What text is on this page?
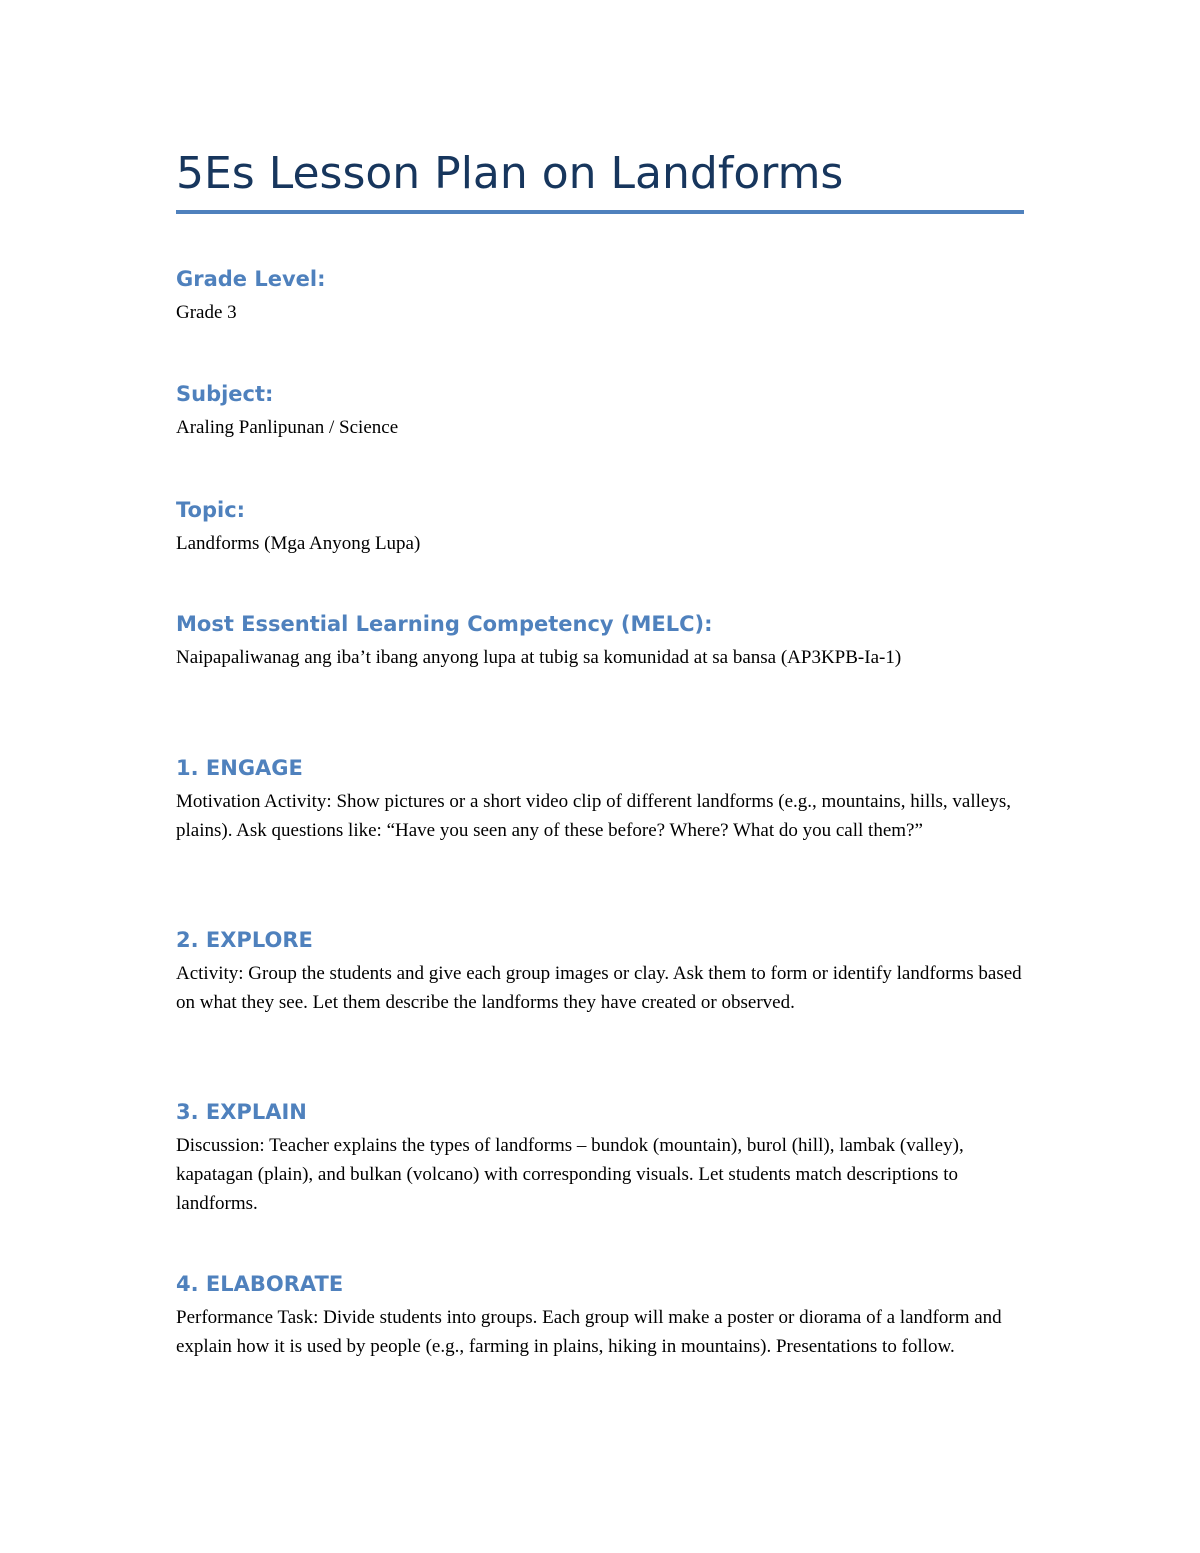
5Es Lesson Plan on Landforms
Grade Level:

Grade 3

Subject:

Araling Panlipunan / Science

Topic:

Landforms (Mga Anyong Lupa)

Most Essential Learning Competency (MELC):

Naipapaliwanag ang iba’t ibang anyong lupa at tubig sa komunidad at sa bansa (AP3KPB-Ia-1)

1. ENGAGE

Motivation Activity: Show pictures or a short video clip of different landforms (e.g., mountains, hills, valleys, plains). Ask questions like: “Have you seen any of these before? Where? What do you call them?”

2. EXPLORE

Activity: Group the students and give each group images or clay. Ask them to form or identify landforms based on what they see. Let them describe the landforms they have created or observed.

3. EXPLAIN

Discussion: Teacher explains the types of landforms – bundok (mountain), burol (hill), lambak (valley), kapatagan (plain), and bulkan (volcano) with corresponding visuals. Let students match descriptions to landforms.

4. ELABORATE

Performance Task: Divide students into groups. Each group will make a poster or diorama of a landform and explain how it is used by people (e.g., farming in plains, hiking in mountains). Presentations to follow.
